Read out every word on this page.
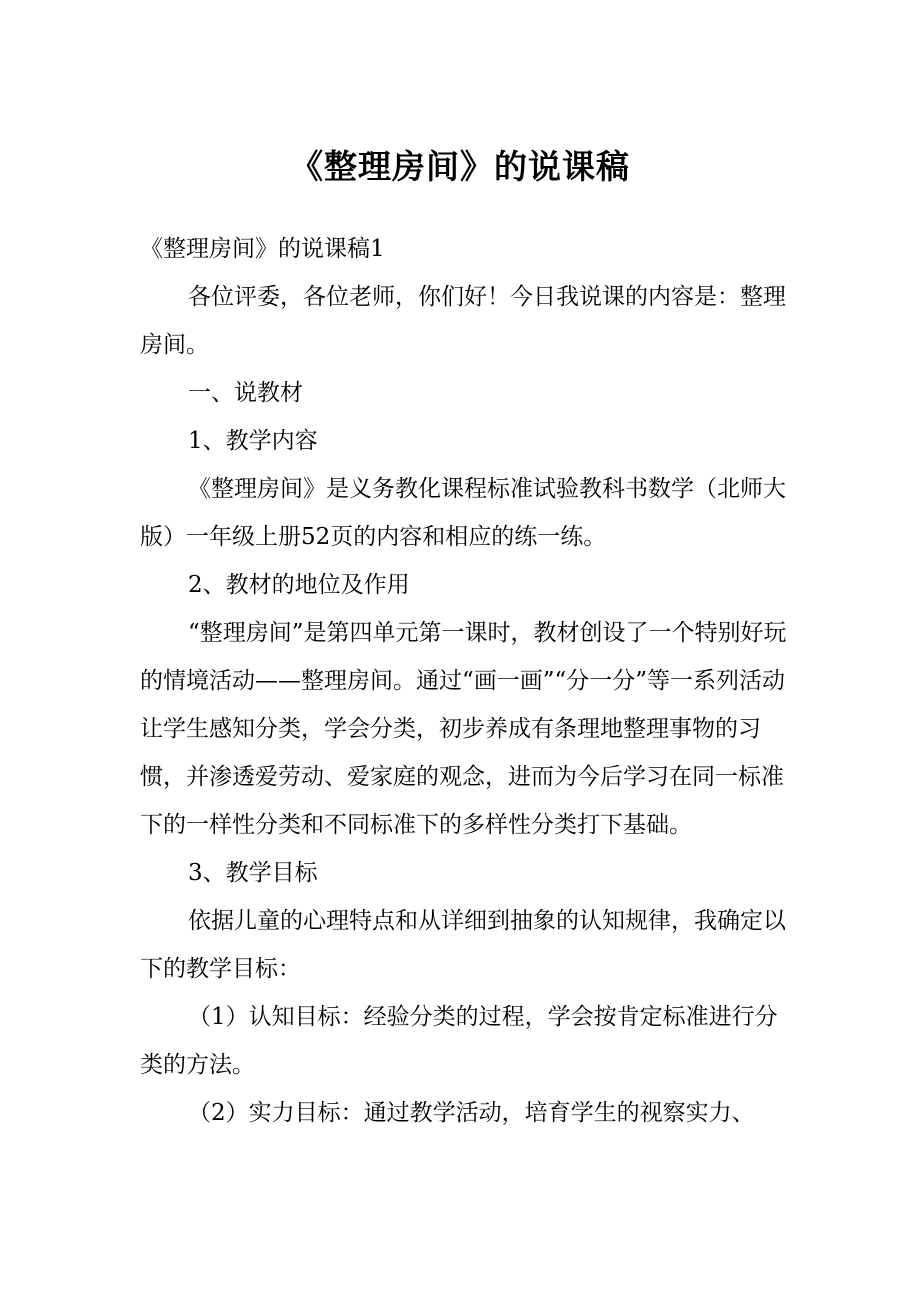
《整理房间》的说课稿

《整理房间》的说课稿1

各位评委，各位老师，你们好！今日我说课的内容是：整理房间。

一、说教材

1、教学内容

《整理房间》是义务教化课程标准试验教科书数学（北师大版）一年级上册52页的内容和相应的练一练。

2、教材的地位及作用

“整理房间”是第四单元第一课时，教材创设了一个特别好玩的情境活动——整理房间。通过“画一画”“分一分”等一系列活动让学生感知分类，学会分类，初步养成有条理地整理事物的习惯，并渗透爱劳动、爱家庭的观念，进而为今后学习在同一标准下的一样性分类和不同标准下的多样性分类打下基础。

3、教学目标

依据儿童的心理特点和从详细到抽象的认知规律，我确定以下的教学目标：

（1）认知目标：经验分类的过程，学会按肯定标准进行分类的方法。

（2）实力目标：通过教学活动，培育学生的视察实力、
